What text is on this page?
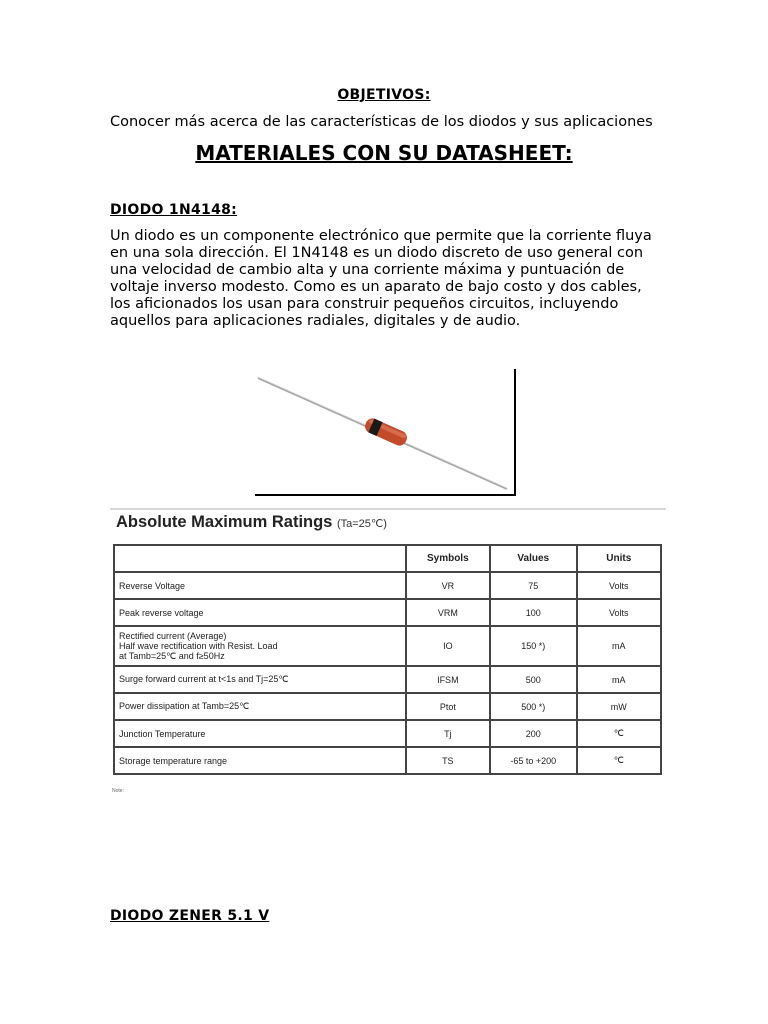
OBJETIVOS:
Conocer más acerca de las características de los diodos y sus aplicaciones
MATERIALES CON SU DATASHEET:
DIODO 1N4148:
Un diodo es un componente electrónico que permite que la corriente fluya en una sola dirección. El 1N4148 es un diodo discreto de uso general con una velocidad de cambio alta y una corriente máxima y puntuación de voltaje inverso modesto. Como es un aparato de bajo costo y dos cables, los aficionados los usan para construir pequeños circuitos, incluyendo aquellos para aplicaciones radiales, digitales y de audio.
Absolute Maximum Ratings (Ta=25℃)
	Symbols	Values	Units
Reverse Voltage	VR	75	Volts
Peak reverse voltage	VRM	100	Volts
Rectified current (Average)
Half wave rectification with Resist. Load
at Tamb=25℃ and f≥50Hz	IO	150 *)	mA
Surge forward current at t<1s and Tj=25℃	IFSM	500	mA
Power dissipation at Tamb=25℃	Ptot	500 *)	mW
Junction Temperature	Tj	200	℃
Storage temperature range	TS	-65 to +200	℃
Note:
DIODO ZENER 5.1 V
